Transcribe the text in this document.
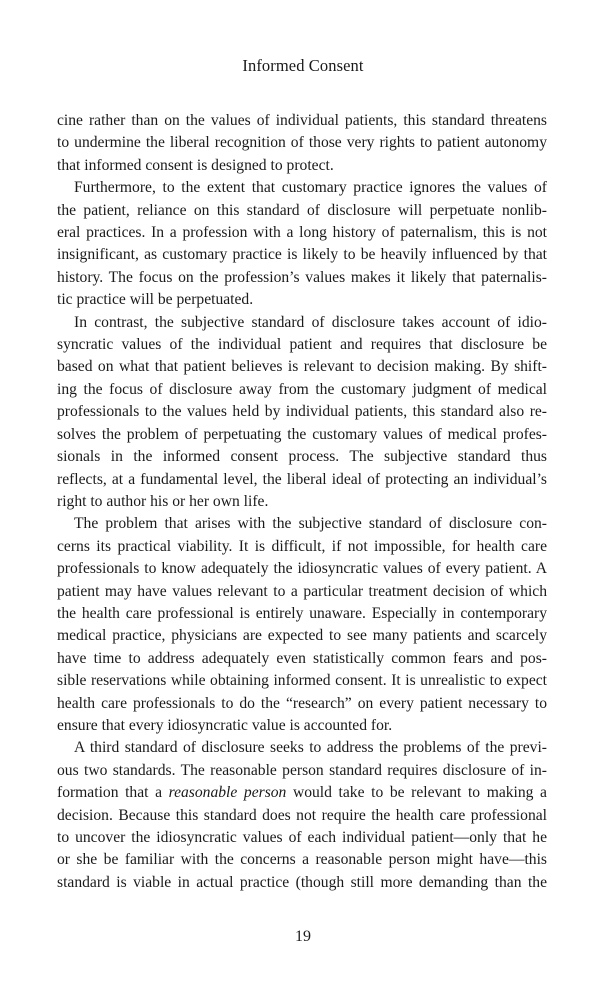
Informed Consent
cine rather than on the values of individual patients, this standard threatens
to undermine the liberal recognition of those very rights to patient autonomy
that informed consent is designed to protect.
Furthermore, to the extent that customary practice ignores the values of
the patient, reliance on this standard of disclosure will perpetuate nonlib-
eral practices. In a profession with a long history of paternalism, this is not
insignificant, as customary practice is likely to be heavily influenced by that
history. The focus on the profession’s values makes it likely that paternalis-
tic practice will be perpetuated.
In contrast, the subjective standard of disclosure takes account of idio-
syncratic values of the individual patient and requires that disclosure be
based on what that patient believes is relevant to decision making. By shift-
ing the focus of disclosure away from the customary judgment of medical
professionals to the values held by individual patients, this standard also re-
solves the problem of perpetuating the customary values of medical profes-
sionals in the informed consent process. The subjective standard thus
reflects, at a fundamental level, the liberal ideal of protecting an individual’s
right to author his or her own life.
The problem that arises with the subjective standard of disclosure con-
cerns its practical viability. It is difficult, if not impossible, for health care
professionals to know adequately the idiosyncratic values of every patient. A
patient may have values relevant to a particular treatment decision of which
the health care professional is entirely unaware. Especially in contemporary
medical practice, physicians are expected to see many patients and scarcely
have time to address adequately even statistically common fears and pos-
sible reservations while obtaining informed consent. It is unrealistic to expect
health care professionals to do the “research” on every patient necessary to
ensure that every idiosyncratic value is accounted for.
A third standard of disclosure seeks to address the problems of the previ-
ous two standards. The reasonable person standard requires disclosure of in-
formation that a reasonable person would take to be relevant to making a
decision. Because this standard does not require the health care professional
to uncover the idiosyncratic values of each individual patient—only that he
or she be familiar with the concerns a reasonable person might have—this
standard is viable in actual practice (though still more demanding than the
19
